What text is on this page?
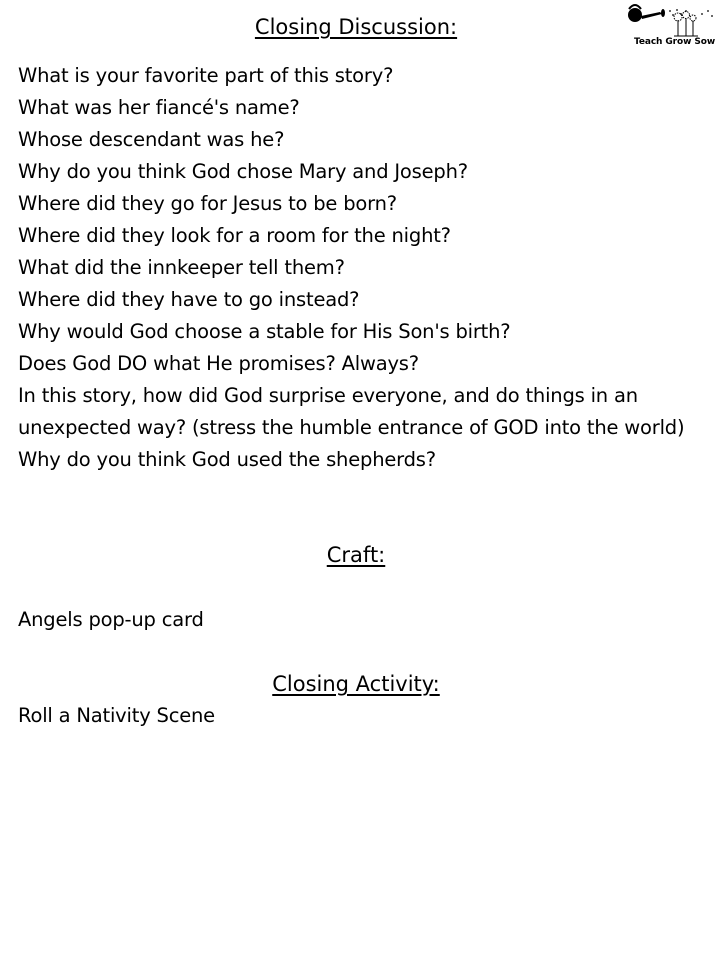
Teach Grow Sow
Closing Discussion:
What is your favorite part of this story?
What was her fiancé's name?
Whose descendant was he?
Why do you think God chose Mary and Joseph?
Where did they go for Jesus to be born?
Where did they look for a room for the night?
What did the innkeeper tell them?
Where did they have to go instead?
Why would God choose a stable for His Son's birth?
Does God DO what He promises? Always?
In this story, how did God surprise everyone, and do things in an unexpected way? (stress the humble entrance of GOD into the world)
Why do you think God used the shepherds?
Craft:
Angels pop-up card
Closing Activity:
Roll a Nativity Scene
